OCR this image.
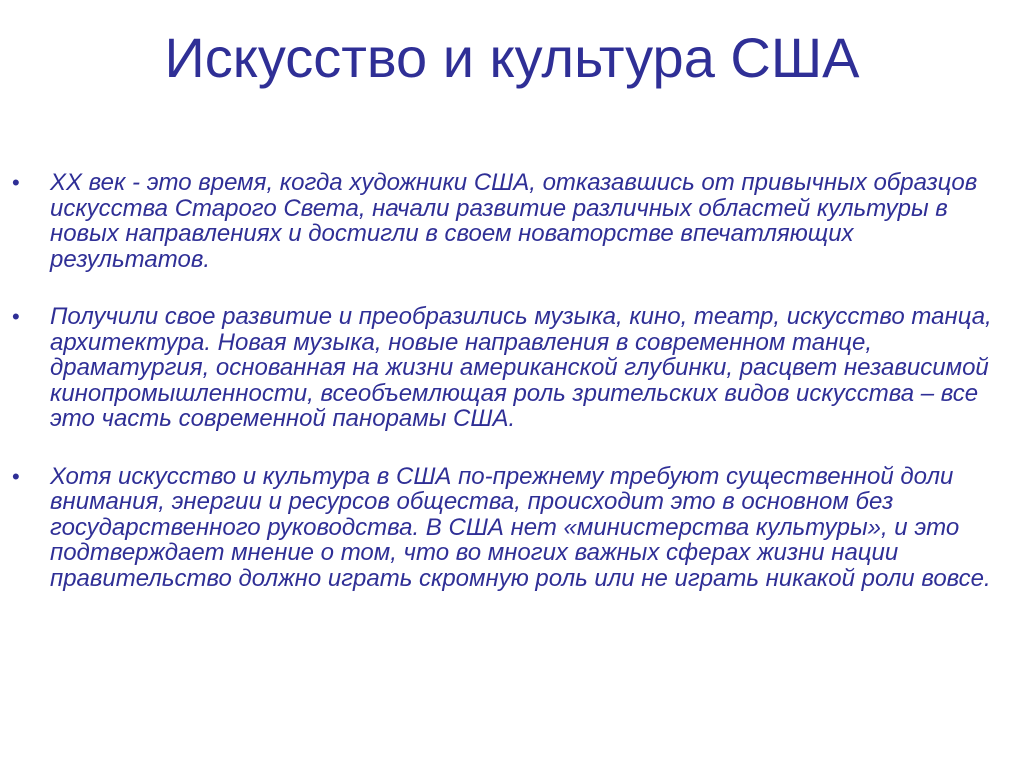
Искусство и культура США
• XX век - это время, когда художники США, отказавшись от привычных образцов искусства Старого Света, начали развитие различных областей культуры в новых направлениях и достигли в своем новаторстве впечатляющих результатов.
• Получили свое развитие и преобразились музыка, кино, театр, искусство танца, архитектура. Новая музыка, новые направления в современном танце, драматургия, основанная на жизни американской глубинки, расцвет независимой кинопромышленности, всеобъемлющая роль зрительских видов искусства – все это часть современной панорамы США.
• Хотя искусство и культура в США по-прежнему требуют существенной доли внимания, энергии и ресурсов общества, происходит это в основном без государственного руководства. В США нет «министерства культуры», и это подтверждает мнение о том, что во многих важных сферах жизни нации правительство должно играть скромную роль или не играть никакой роли вовсе.
